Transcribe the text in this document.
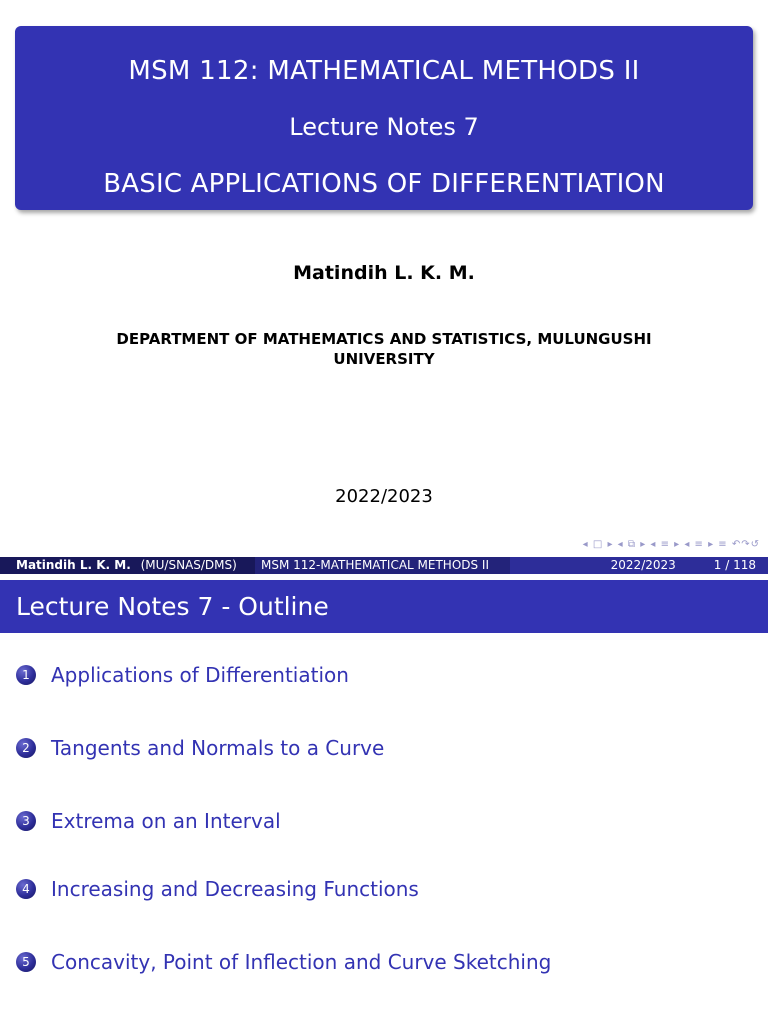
MSM 112: MATHEMATICAL METHODS II
Lecture Notes 7
BASIC APPLICATIONS OF DIFFERENTIATION
Matindih L. K. M.
DEPARTMENT OF MATHEMATICS AND STATISTICS, MULUNGUSHI UNIVERSITY
2022/2023
◂ □ ▸ ◂ ⧉ ▸ ◂ ≡ ▸ ◂ ≡ ▸ ≡ ↶↷↺
Matindih L. K. M. (MU/SNAS/DMS)	MSM 112-MATHEMATICAL METHODS II	2022/2023	1 / 118
Lecture Notes 7 - Outline
1	Applications of Differentiation
2	Tangents and Normals to a Curve
3	Extrema on an Interval
4	Increasing and Decreasing Functions
5	Concavity, Point of Inflection and Curve Sketching
